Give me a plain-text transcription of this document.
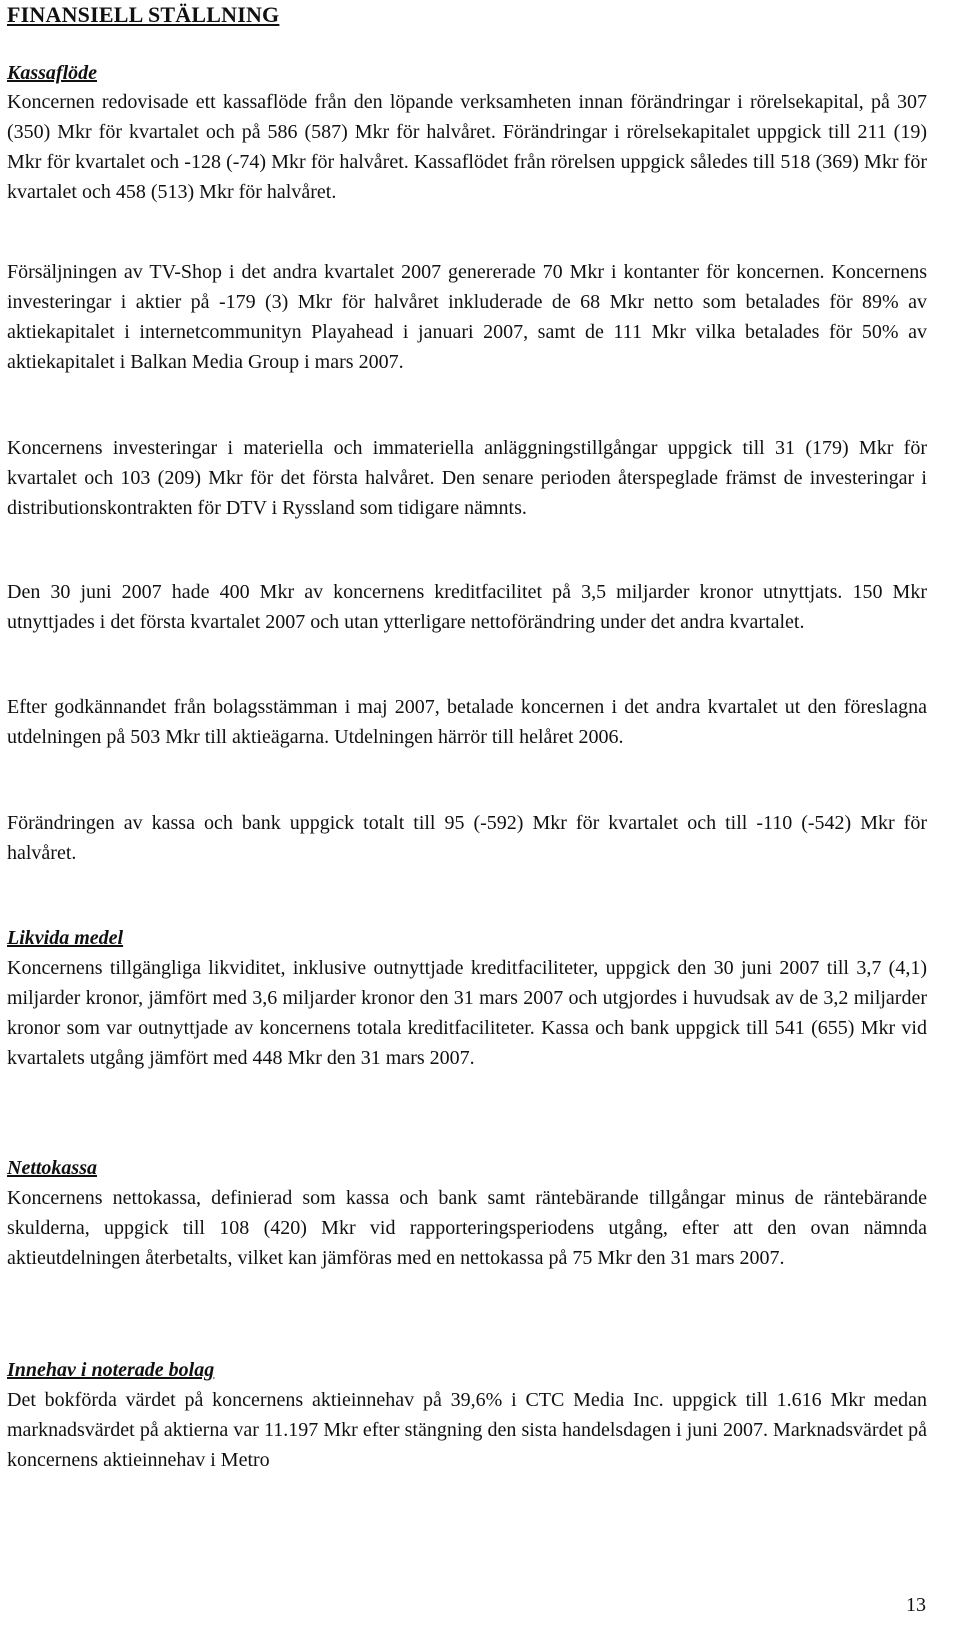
FINANSIELL STÄLLNING
Kassaflöde

Koncernen redovisade ett kassaflöde från den löpande verksamheten innan förändringar i rörelsekapital, på 307 (350) Mkr för kvartalet och på 586 (587) Mkr för halvåret. Förändringar i rörelsekapitalet uppgick till 211 (19) Mkr för kvartalet och -128 (-74) Mkr för halvåret. Kassaflödet från rörelsen uppgick således till 518 (369) Mkr för kvartalet och 458 (513) Mkr för halvåret.

Försäljningen av TV-Shop i det andra kvartalet 2007 genererade 70 Mkr i kontanter för koncernen. Koncernens investeringar i aktier på -179 (3) Mkr för halvåret inkluderade de 68 Mkr netto som betalades för 89% av aktiekapitalet i internetcommunityn Playahead i januari 2007, samt de 111 Mkr vilka betalades för 50% av aktiekapitalet i Balkan Media Group i mars 2007.

Koncernens investeringar i materiella och immateriella anläggningstillgångar uppgick till 31 (179) Mkr för kvartalet och 103 (209) Mkr för det första halvåret. Den senare perioden återspeglade främst de investeringar i distributionskontrakten för DTV i Ryssland som tidigare nämnts.

Den 30 juni 2007 hade 400 Mkr av koncernens kreditfacilitet på 3,5 miljarder kronor utnyttjats. 150 Mkr utnyttjades i det första kvartalet 2007 och utan ytterligare nettoförändring under det andra kvartalet.

Efter godkännandet från bolagsstämman i maj 2007, betalade koncernen i det andra kvartalet ut den föreslagna utdelningen på 503 Mkr till aktieägarna. Utdelningen härrör till helåret 2006.

Förändringen av kassa och bank uppgick totalt till 95 (-592) Mkr för kvartalet och till -110 (-542) Mkr för halvåret.

Likvida medel

Koncernens tillgängliga likviditet, inklusive outnyttjade kreditfaciliteter, uppgick den 30 juni 2007 till 3,7 (4,1) miljarder kronor, jämfört med 3,6 miljarder kronor den 31 mars 2007 och utgjordes i huvudsak av de 3,2 miljarder kronor som var outnyttjade av koncernens totala kreditfaciliteter. Kassa och bank uppgick till 541 (655) Mkr vid kvartalets utgång jämfört med 448 Mkr den 31 mars 2007.

Nettokassa

Koncernens nettokassa, definierad som kassa och bank samt räntebärande tillgångar minus de räntebärande skulderna, uppgick till 108 (420) Mkr vid rapporteringsperiodens utgång, efter att den ovan nämnda aktieutdelningen återbetalts, vilket kan jämföras med en nettokassa på 75 Mkr den 31 mars 2007.

Innehav i noterade bolag

Det bokförda värdet på koncernens aktieinnehav på 39,6% i CTC Media Inc. uppgick till 1.616 Mkr medan marknadsvärdet på aktierna var 11.197 Mkr efter stängning den sista handelsdagen i juni 2007. Marknadsvärdet på koncernens aktieinnehav i Metro

13
